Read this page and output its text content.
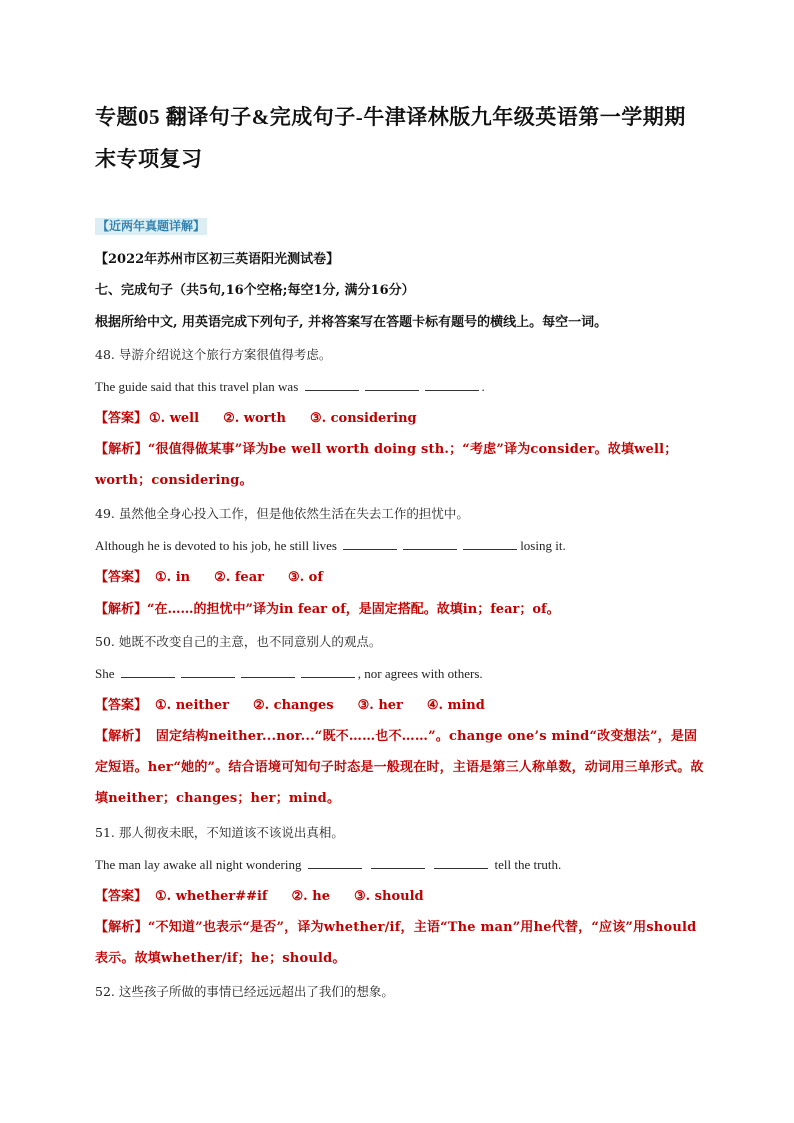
专题05 翻译句子&完成句子-牛津译林版九年级英语第一学期期末专项复习
【近两年真题详解】
【2022年苏州市区初三英语阳光测试卷】
七、完成句子（共5句,16个空格;每空1分, 满分16分）
根据所给中文, 用英语完成下列句子, 并将答案写在答题卡标有题号的横线上。每空一词。
48. 导游介绍说这个旅行方案很值得考虑。
The guide said that this travel plan was	.
【答案】 ①. well ②. worth ③. considering
【解析】“很值得做某事”译为be well worth doing sth.；“考虑”译为consider。故填well；worth；considering。
49. 虽然他全身心投入工作，但是他依然生活在失去工作的担忧中。
Although he is devoted to his job, he still lives	losing it.
【答案】 ①. in ②. fear ③. of
【解析】“在……的担忧中”译为in fear of，是固定搭配。故填in；fear；of。
50. 她既不改变自己的主意，也不同意别人的观点。
She	, nor agrees with others.
【答案】 ①. neither ②. changes ③. her ④. mind
【解析】 固定结构neither...nor...“既不……也不……”。change one’s mind“改变想法”，是固定短语。her“她的”。结合语境可知句子时态是一般现在时，主语是第三人称单数，动词用三单形式。故填neither；changes；her；mind。
51. 那人彻夜未眠，不知道该不该说出真相。
The man lay awake all night wondering	tell the truth.
【答案】 ①. whether##if ②. he ③. should
【解析】“不知道”也表示“是否”，译为whether/if，主语“The man”用he代替，“应该”用should表示。故填whether/if；he；should。
52. 这些孩子所做的事情已经远远超出了我们的想象。
